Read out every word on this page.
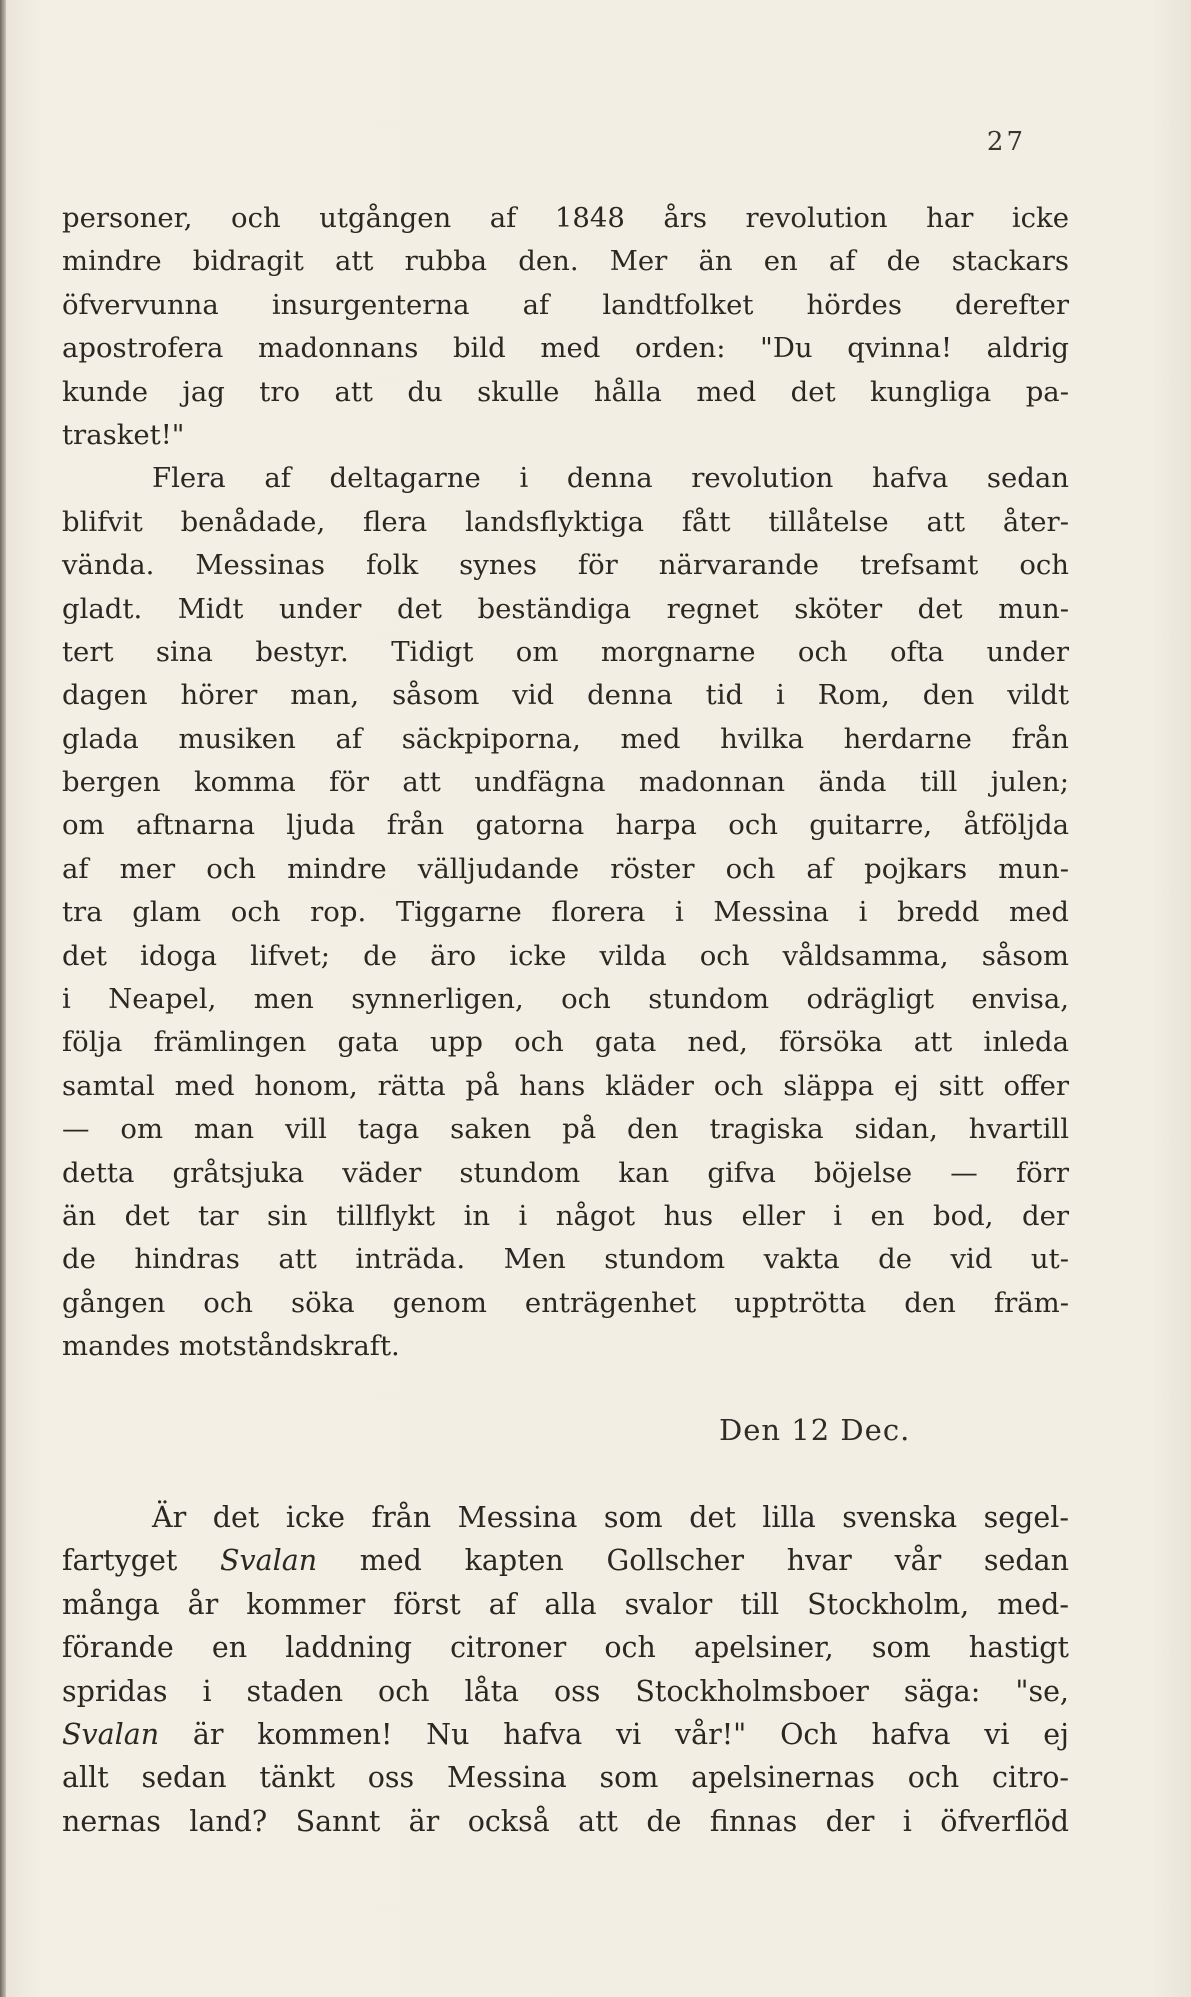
27
personer, och utgången af 1848 års revolution har icke
mindre bidragit att rubba den. Mer än en af de stackars
öfvervunna insurgenterna af landtfolket hördes derefter
apostrofera madonnans bild med orden: "Du qvinna! aldrig
kunde jag tro att du skulle hålla med det kungliga pa-
trasket!"
Flera af deltagarne i denna revolution hafva sedan
blifvit benådade, flera landsflyktiga fått tillåtelse att åter-
vända. Messinas folk synes för närvarande trefsamt och
gladt. Midt under det beständiga regnet sköter det mun-
tert sina bestyr. Tidigt om morgnarne och ofta under
dagen hörer man, såsom vid denna tid i Rom, den vildt
glada musiken af säckpiporna, med hvilka herdarne från
bergen komma för att undfägna madonnan ända till julen;
om aftnarna ljuda från gatorna harpa och guitarre, åtföljda
af mer och mindre välljudande röster och af pojkars mun-
tra glam och rop. Tiggarne florera i Messina i bredd med
det idoga lifvet; de äro icke vilda och våldsamma, såsom
i Neapel, men synnerligen, och stundom odrägligt envisa,
följa främlingen gata upp och gata ned, försöka att inleda
samtal med honom, rätta på hans kläder och släppa ej sitt offer
— om man vill taga saken på den tragiska sidan, hvartill
detta gråtsjuka väder stundom kan gifva böjelse — förr
än det tar sin tillflykt in i något hus eller i en bod, der
de hindras att inträda. Men stundom vakta de vid ut-
gången och söka genom enträgenhet upptrötta den främ-
mandes motståndskraft.
Den 12 Dec.
Är det icke från Messina som det lilla svenska segel-
fartyget Svalan med kapten Gollscher hvar vår sedan
många år kommer först af alla svalor till Stockholm, med-
förande en laddning citroner och apelsiner, som hastigt
spridas i staden och låta oss Stockholmsboer säga: "se,
Svalan är kommen! Nu hafva vi vår!" Och hafva vi ej
allt sedan tänkt oss Messina som apelsinernas och citro-
nernas land? Sannt är också att de finnas der i öfverflöd
